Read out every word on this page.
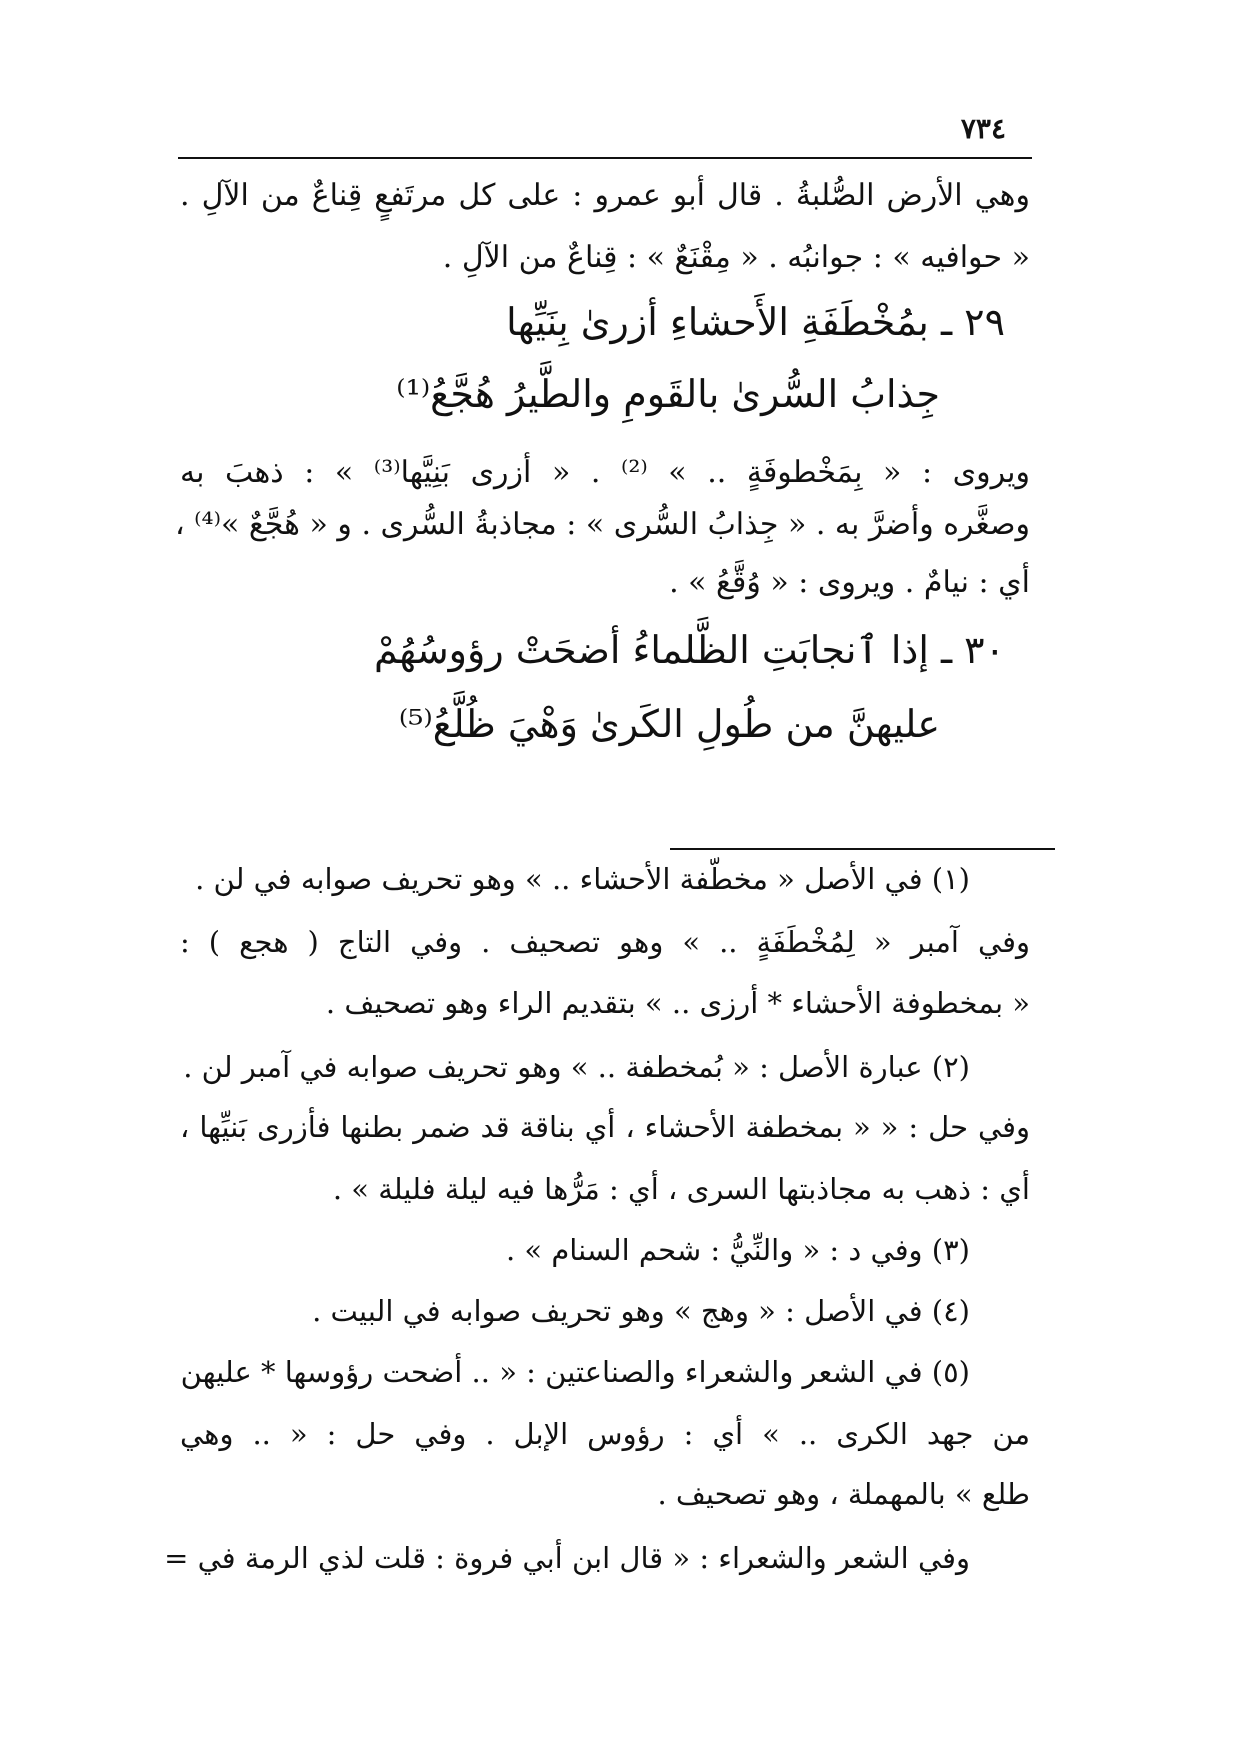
٧٣٤
وهي الأرض الصُّلبةُ . قال أبو عمرو : على كل مرتَفعٍ قِناعٌ من الآلِ .
« حوافيه » : جوانبُه . « مِقْنَعٌ » : قِناعٌ من الآلِ .
٢٩ ـ بمُخْطَفَةِ الأَحشاءِ أزرىٰ بِنَيِّها
جِذابُ السُّرىٰ بالقَومِ والطَّيرُ هُجَّعُ⁽¹⁾
ويروى : « بِمَخْطوفَةٍ .. » ⁽²⁾ . « أزرى بَنِيَّها⁽³⁾ » : ذهبَ به
وصغَّره وأضرَّ به . « جِذابُ السُّرى » : مجاذبةُ السُّرى . و « هُجَّعٌ »⁽⁴⁾ ،
أي : نيامٌ . ويروى : « وُقَّعُ » .
٣٠ ـ إذا ٱنجابَتِ الظَّلماءُ أضحَتْ رؤوسُهُمْ
عليهنَّ من طُولِ الكَرىٰ وَهْيَ ظُلَّعُ⁽⁵⁾
(١) في الأصل « مخطّفة الأحشاء .. » وهو تحريف صوابه في لن .
وفي آمبر « لِمُخْطَفَةٍ .. » وهو تصحيف . وفي التاج ( هجع ) :
« بمخطوفة الأحشاء * أرزى .. » بتقديم الراء وهو تصحيف .
(٢) عبارة الأصل : « بُمخطفة .. » وهو تحريف صوابه في آمبر لن .
وفي حل : « « بمخطفة الأحشاء ، أي بناقة قد ضمر بطنها فأزرى بَنيِّها ،
أي : ذهب به مجاذبتها السرى ، أي : مَرُّها فيه ليلة فليلة » .
(٣) وفي د : « والنِّيُّ : شحم السنام » .
(٤) في الأصل : « وهج » وهو تحريف صوابه في البيت .
(٥) في الشعر والشعراء والصناعتين : « .. أضحت رؤوسها * عليهن
من جهد الكرى .. » أي : رؤوس الإبل . وفي حل : « .. وهي
طلع » بالمهملة ، وهو تصحيف .
وفي الشعر والشعراء : « قال ابن أبي فروة : قلت لذي الرمة في =
